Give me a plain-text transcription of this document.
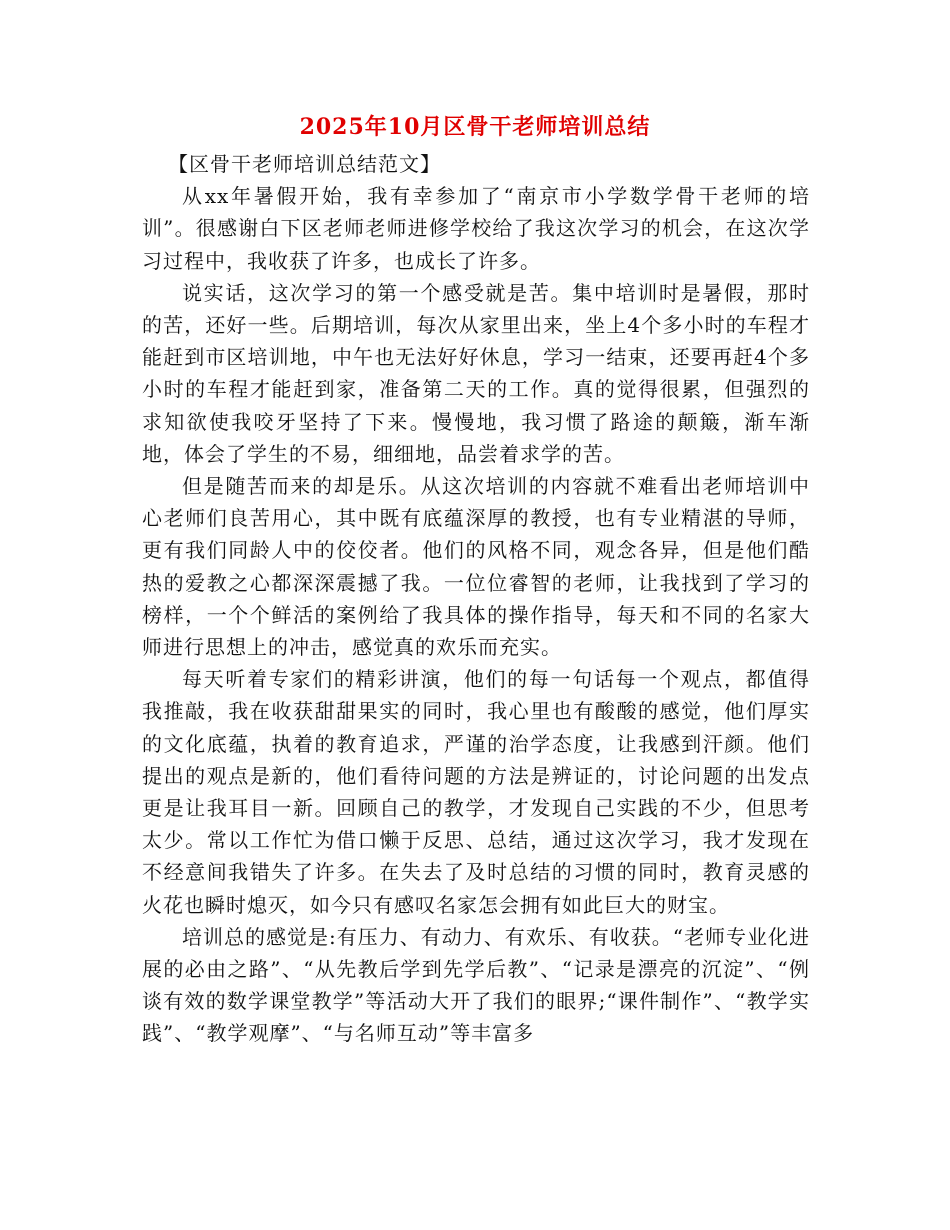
2025年10月区骨干老师培训总结

【区骨干老师培训总结范文】

从xx年暑假开始，我有幸参加了“南京市小学数学骨干老师的培训”。很感谢白下区老师老师进修学校给了我这次学习的机会，在这次学习过程中，我收获了许多，也成长了许多。

说实话，这次学习的第一个感受就是苦。集中培训时是暑假，那时的苦，还好一些。后期培训，每次从家里出来，坐上4个多小时的车程才能赶到市区培训地，中午也无法好好休息，学习一结束，还要再赶4个多小时的车程才能赶到家，准备第二天的工作。真的觉得很累，但强烈的求知欲使我咬牙坚持了下来。慢慢地，我习惯了路途的颠簸，渐车渐地，体会了学生的不易，细细地，品尝着求学的苦。

但是随苦而来的却是乐。从这次培训的内容就不难看出老师培训中心老师们良苦用心，其中既有底蕴深厚的教授，也有专业精湛的导师，更有我们同龄人中的佼佼者。他们的风格不同，观念各异，但是他们酷热的爱教之心都深深震撼了我。一位位睿智的老师，让我找到了学习的榜样，一个个鲜活的案例给了我具体的操作指导，每天和不同的名家大师进行思想上的冲击，感觉真的欢乐而充实。

每天听着专家们的精彩讲演，他们的每一句话每一个观点，都值得我推敲，我在收获甜甜果实的同时，我心里也有酸酸的感觉，他们厚实的文化底蕴，执着的教育追求，严谨的治学态度，让我感到汗颜。他们提出的观点是新的，他们看待问题的方法是辨证的，讨论问题的出发点更是让我耳目一新。回顾自己的教学，才发现自己实践的不少，但思考太少。常以工作忙为借口懒于反思、总结，通过这次学习，我才发现在不经意间我错失了许多。在失去了及时总结的习惯的同时，教育灵感的火花也瞬时熄灭，如今只有感叹名家怎会拥有如此巨大的财宝。

培训总的感觉是:有压力、有动力、有欢乐、有收获。“老师专业化进展的必由之路”、“从先教后学到先学后教”、“记录是漂亮的沉淀”、“例谈有效的数学课堂教学”等活动大开了我们的眼界;“课件制作”、“教学实践”、“教学观摩”、“与名师互动”等丰富多
